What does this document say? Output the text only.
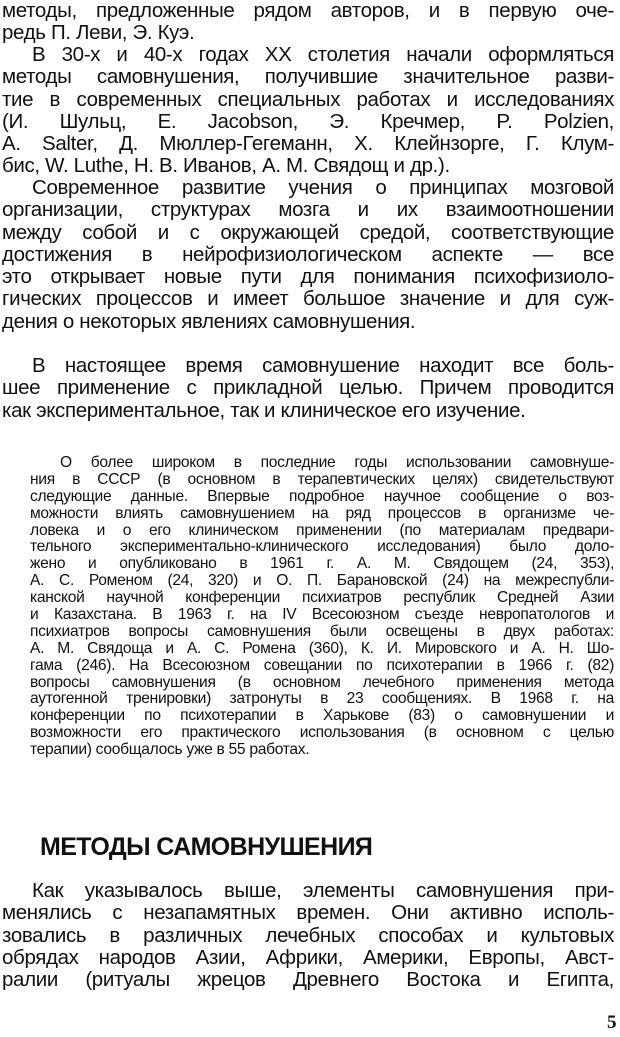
методы, предложенные рядом авторов, и в первую оче-
редь П. Леви, Э. Куэ.
В 30-х и 40-х годах XX столетия начали оформляться
методы самовнушения, получившие значительное разви-
тие в современных специальных работах и исследованиях
(И. Шульц, E. Jacobson, Э. Кречмер, P. Polzien,
A. Salter, Д. Мюллер-Гегеманн, Х. Клейнзорге, Г. Клум-
бис, W. Luthe, Н. В. Иванов, А. М. Свядощ и др.).
Современное развитие учения о принципах мозговой
организации, структурах мозга и их взаимоотношении
между собой и с окружающей средой, соответствующие
достижения в нейрофизиологическом аспекте — все
это открывает новые пути для понимания психофизиоло-
гических процессов и имеет большое значение и для суж-
дения о некоторых явлениях самовнушения.
В настоящее время самовнушение находит все боль-
шее применение с прикладной целью. Причем проводится
как экспериментальное, так и клиническое его изучение.
О более широком в последние годы использовании самовнуше-
ния в СССР (в основном в терапевтических целях) свидетельствуют
следующие данные. Впервые подробное научное сообщение о воз-
можности влиять самовнушением на ряд процессов в организме че-
ловека и о его клиническом применении (по материалам предвари-
тельного экспериментально-клинического исследования) было доло-
жено и опубликовано в 1961 г. А. М. Свядощем (24, 353),
А. С. Роменом (24, 320) и О. П. Барановской (24) на межреспубли-
канской научной конференции психиатров республик Средней Азии
и Казахстана. В 1963 г. на IV Всесоюзном съезде невропатологов и
психиатров вопросы самовнушения были освещены в двух работах:
А. М. Свядоща и А. С. Ромена (360), К. И. Мировского и А. Н. Шо-
гама (246). На Всесоюзном совещании по психотерапии в 1966 г. (82)
вопросы самовнушения (в основном лечебного применения метода
аутогенной тренировки) затронуты в 23 сообщениях. В 1968 г. на
конференции по психотерапии в Харькове (83) о самовнушении и
возможности его практического использования (в основном с целью
терапии) сообщалось уже в 55 работах.
МЕТОДЫ САМОВНУШЕНИЯ
Как указывалось выше, элементы самовнушения при-
менялись с незапамятных времен. Они активно исполь-
зовались в различных лечебных способах и культовых
обрядах народов Азии, Африки, Америки, Европы, Авст-
ралии (ритуалы жрецов Древнего Востока и Египта,
5
